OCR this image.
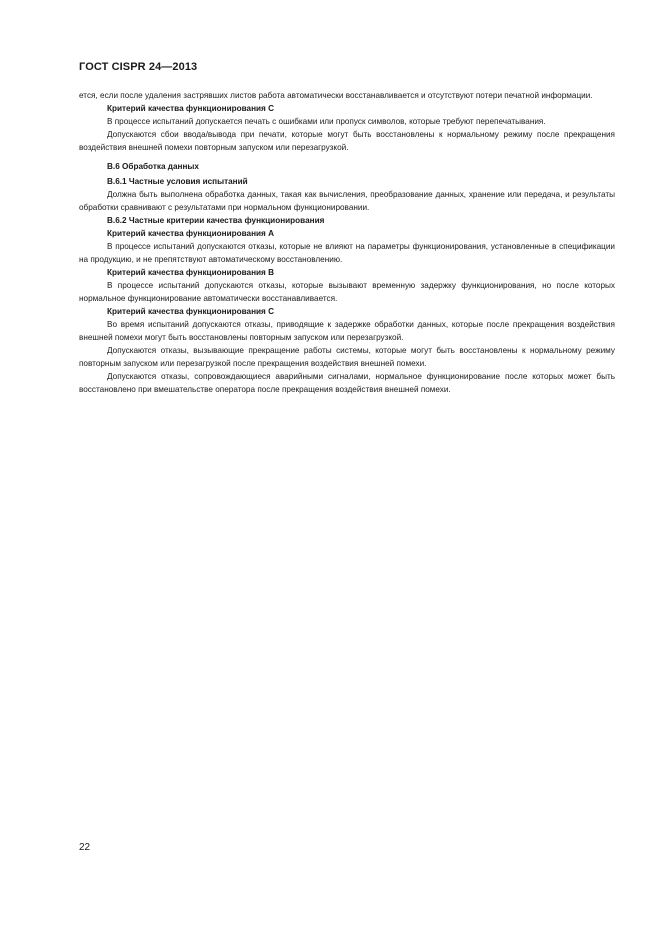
ГОСТ CISPR 24—2013

ется, если после удаления застрявших листов работа автоматически восстанавливается и отсутствуют потери печатной информации.

Критерий качества функционирования С

В процессе испытаний допускается печать с ошибками или пропуск символов, которые требуют перепечатывания.

Допускаются сбои ввода/вывода при печати, которые могут быть восстановлены к нормальному режиму после прекращения воздействия внешней помехи повторным запуском или перезагрузкой.

В.6 Обработка данных

В.6.1 Частные условия испытаний

Должна быть выполнена обработка данных, такая как вычисления, преобразование данных, хранение или передача, и результаты обработки сравнивают с результатами при нормальном функционировании.

В.6.2 Частные критерии качества функционирования

Критерий качества функционирования А

В процессе испытаний допускаются отказы, которые не влияют на параметры функционирования, установленные в спецификации на продукцию, и не препятствуют автоматическому восстановлению.

Критерий качества функционирования В

В процессе испытаний допускаются отказы, которые вызывают временную задержку функционирования, но после которых нормальное функционирование автоматически восстанавливается.

Критерий качества функционирования С

Во время испытаний допускаются отказы, приводящие к задержке обработки данных, которые после прекращения воздействия внешней помехи могут быть восстановлены повторным запуском или перезагрузкой.

Допускаются отказы, вызывающие прекращение работы системы, которые могут быть восстановлены к нормальному режиму повторным запуском или перезагрузкой после прекращения воздействия внешней помехи.

Допускаются отказы, сопровождающиеся аварийными сигналами, нормальное функционирование после которых может быть восстановлено при вмешательстве оператора после прекращения воздействия внешней помехи.

22
